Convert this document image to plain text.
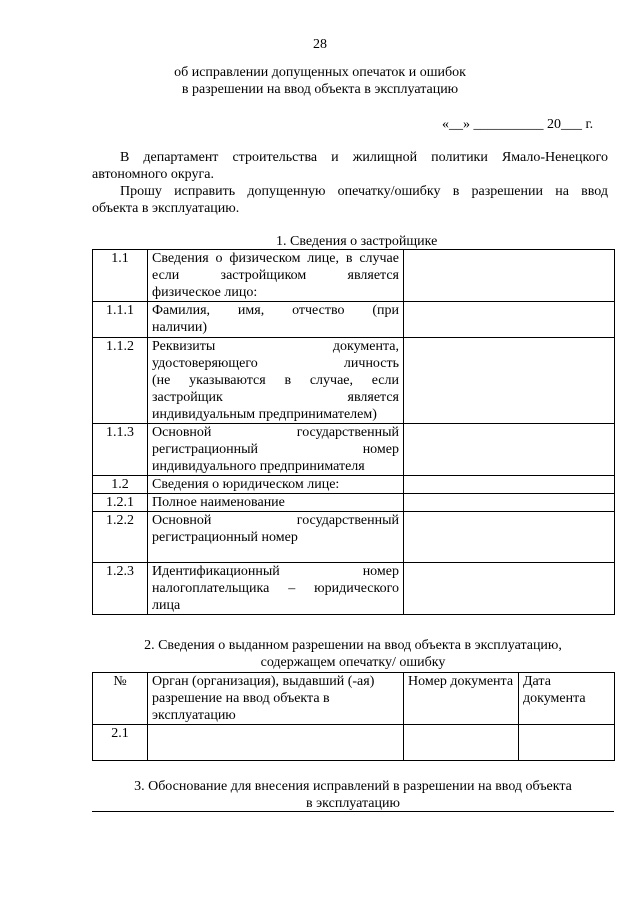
28
об исправлении допущенных опечаток и ошибок
в разрешении на ввод объекта в эксплуатацию
«__» __________ 20___ г.
В департамент строительства и жилищной политики Ямало-Ненецкого
автономного округа.
Прошу исправить допущенную опечатку/ошибку в разрешении на ввод
объекта в эксплуатацию.
1. Сведения о застройщике
1.1	Сведения о физическом лице, в случае
если застройщиком является
физическое лицо:	

1.1.1	Фамилия, имя, отчество (при
наличии)	

1.1.2	Реквизиты документа,
удостоверяющего личность
(не указываются в случае, если
застройщик является
индивидуальным предпринимателем)	

1.1.3	Основной государственный
регистрационный номер
индивидуального предпринимателя	

1.2	Сведения о юридическом лице:	

1.2.1	Полное наименование	

1.2.2	Основной государственный
регистрационный номер	

1.2.3	Идентификационный номер
налогоплательщика – юридического
лица	

2. Сведения о выданном разрешении на ввод объекта в эксплуатацию,
содержащем опечатку/ ошибку
№	Орган (организация), выдавший (-ая) разрешение на ввод объекта в эксплуатацию	Номер документа	Дата документа
2.1			
3. Обоснование для внесения исправлений в разрешении на ввод объекта
в эксплуатацию
